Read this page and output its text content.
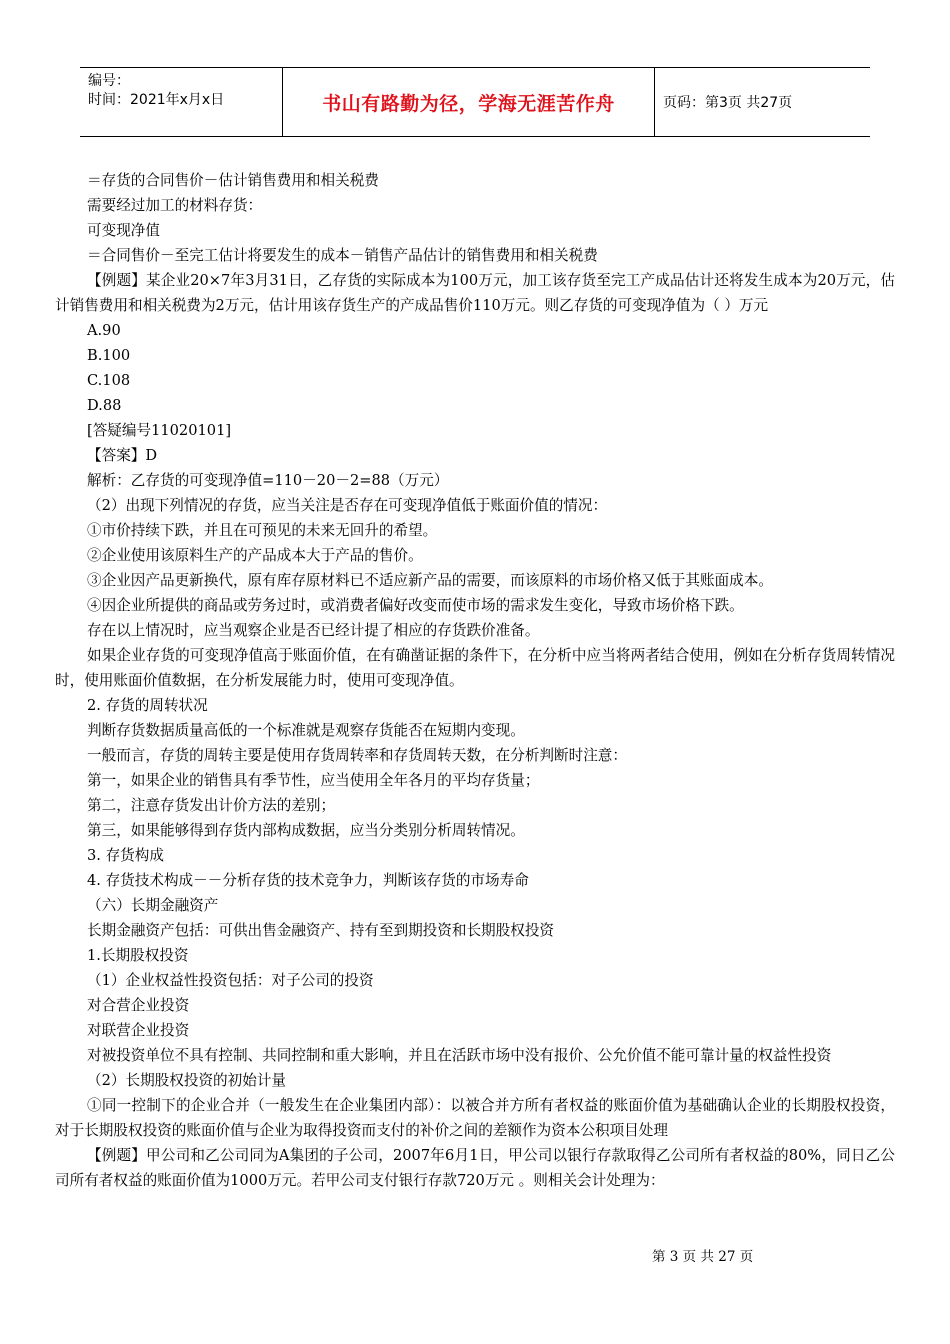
编号：
时间：2021年x月x日	书山有路勤为径，学海无涯苦作舟	页码：第3页 共27页

＝存货的合同售价－估计销售费用和相关税费

需要经过加工的材料存货：

可变现净值

＝合同售价－至完工估计将要发生的成本－销售产品估计的销售费用和相关税费

【例题】某企业20×7年3月31日，乙存货的实际成本为100万元，加工该存货至完工产成品估计还将发生成本为20万元，估计销售费用和相关税费为2万元，估计用该存货生产的产成品售价110万元。则乙存货的可变现净值为（ ）万元

A.90

B.100

C.108

D.88

[答疑编号11020101]

【答案】D

解析：乙存货的可变现净值=110－20－2=88（万元）

（2）出现下列情况的存货，应当关注是否存在可变现净值低于账面价值的情况：

①市价持续下跌，并且在可预见的未来无回升的希望。

②企业使用该原料生产的产品成本大于产品的售价。

③企业因产品更新换代，原有库存原材料已不适应新产品的需要，而该原料的市场价格又低于其账面成本。

④因企业所提供的商品或劳务过时，或消费者偏好改变而使市场的需求发生变化，导致市场价格下跌。

存在以上情况时，应当观察企业是否已经计提了相应的存货跌价准备。

如果企业存货的可变现净值高于账面价值，在有确凿证据的条件下，在分析中应当将两者结合使用，例如在分析存货周转情况时，使用账面价值数据，在分析发展能力时，使用可变现净值。

2. 存货的周转状况

判断存货数据质量高低的一个标准就是观察存货能否在短期内变现。

一般而言，存货的周转主要是使用存货周转率和存货周转天数，在分析判断时注意：

第一，如果企业的销售具有季节性，应当使用全年各月的平均存货量；

第二，注意存货发出计价方法的差别；

第三，如果能够得到存货内部构成数据，应当分类别分析周转情况。

3. 存货构成

4. 存货技术构成－－分析存货的技术竞争力，判断该存货的市场寿命

（六）长期金融资产

长期金融资产包括：可供出售金融资产、持有至到期投资和长期股权投资

1.长期股权投资

（1）企业权益性投资包括：对子公司的投资

对合营企业投资

对联营企业投资

对被投资单位不具有控制、共同控制和重大影响，并且在活跃市场中没有报价、公允价值不能可靠计量的权益性投资

（2）长期股权投资的初始计量

①同一控制下的企业合并（一般发生在企业集团内部）：以被合并方所有者权益的账面价值为基础确认企业的长期股权投资，对于长期股权投资的账面价值与企业为取得投资而支付的补价之间的差额作为资本公积项目处理

【例题】甲公司和乙公司同为A集团的子公司，2007年6月1日，甲公司以银行存款取得乙公司所有者权益的80%，同日乙公司所有者权益的账面价值为1000万元。若甲公司支付银行存款720万元 。则相关会计处理为：

第 3 页 共 27 页
